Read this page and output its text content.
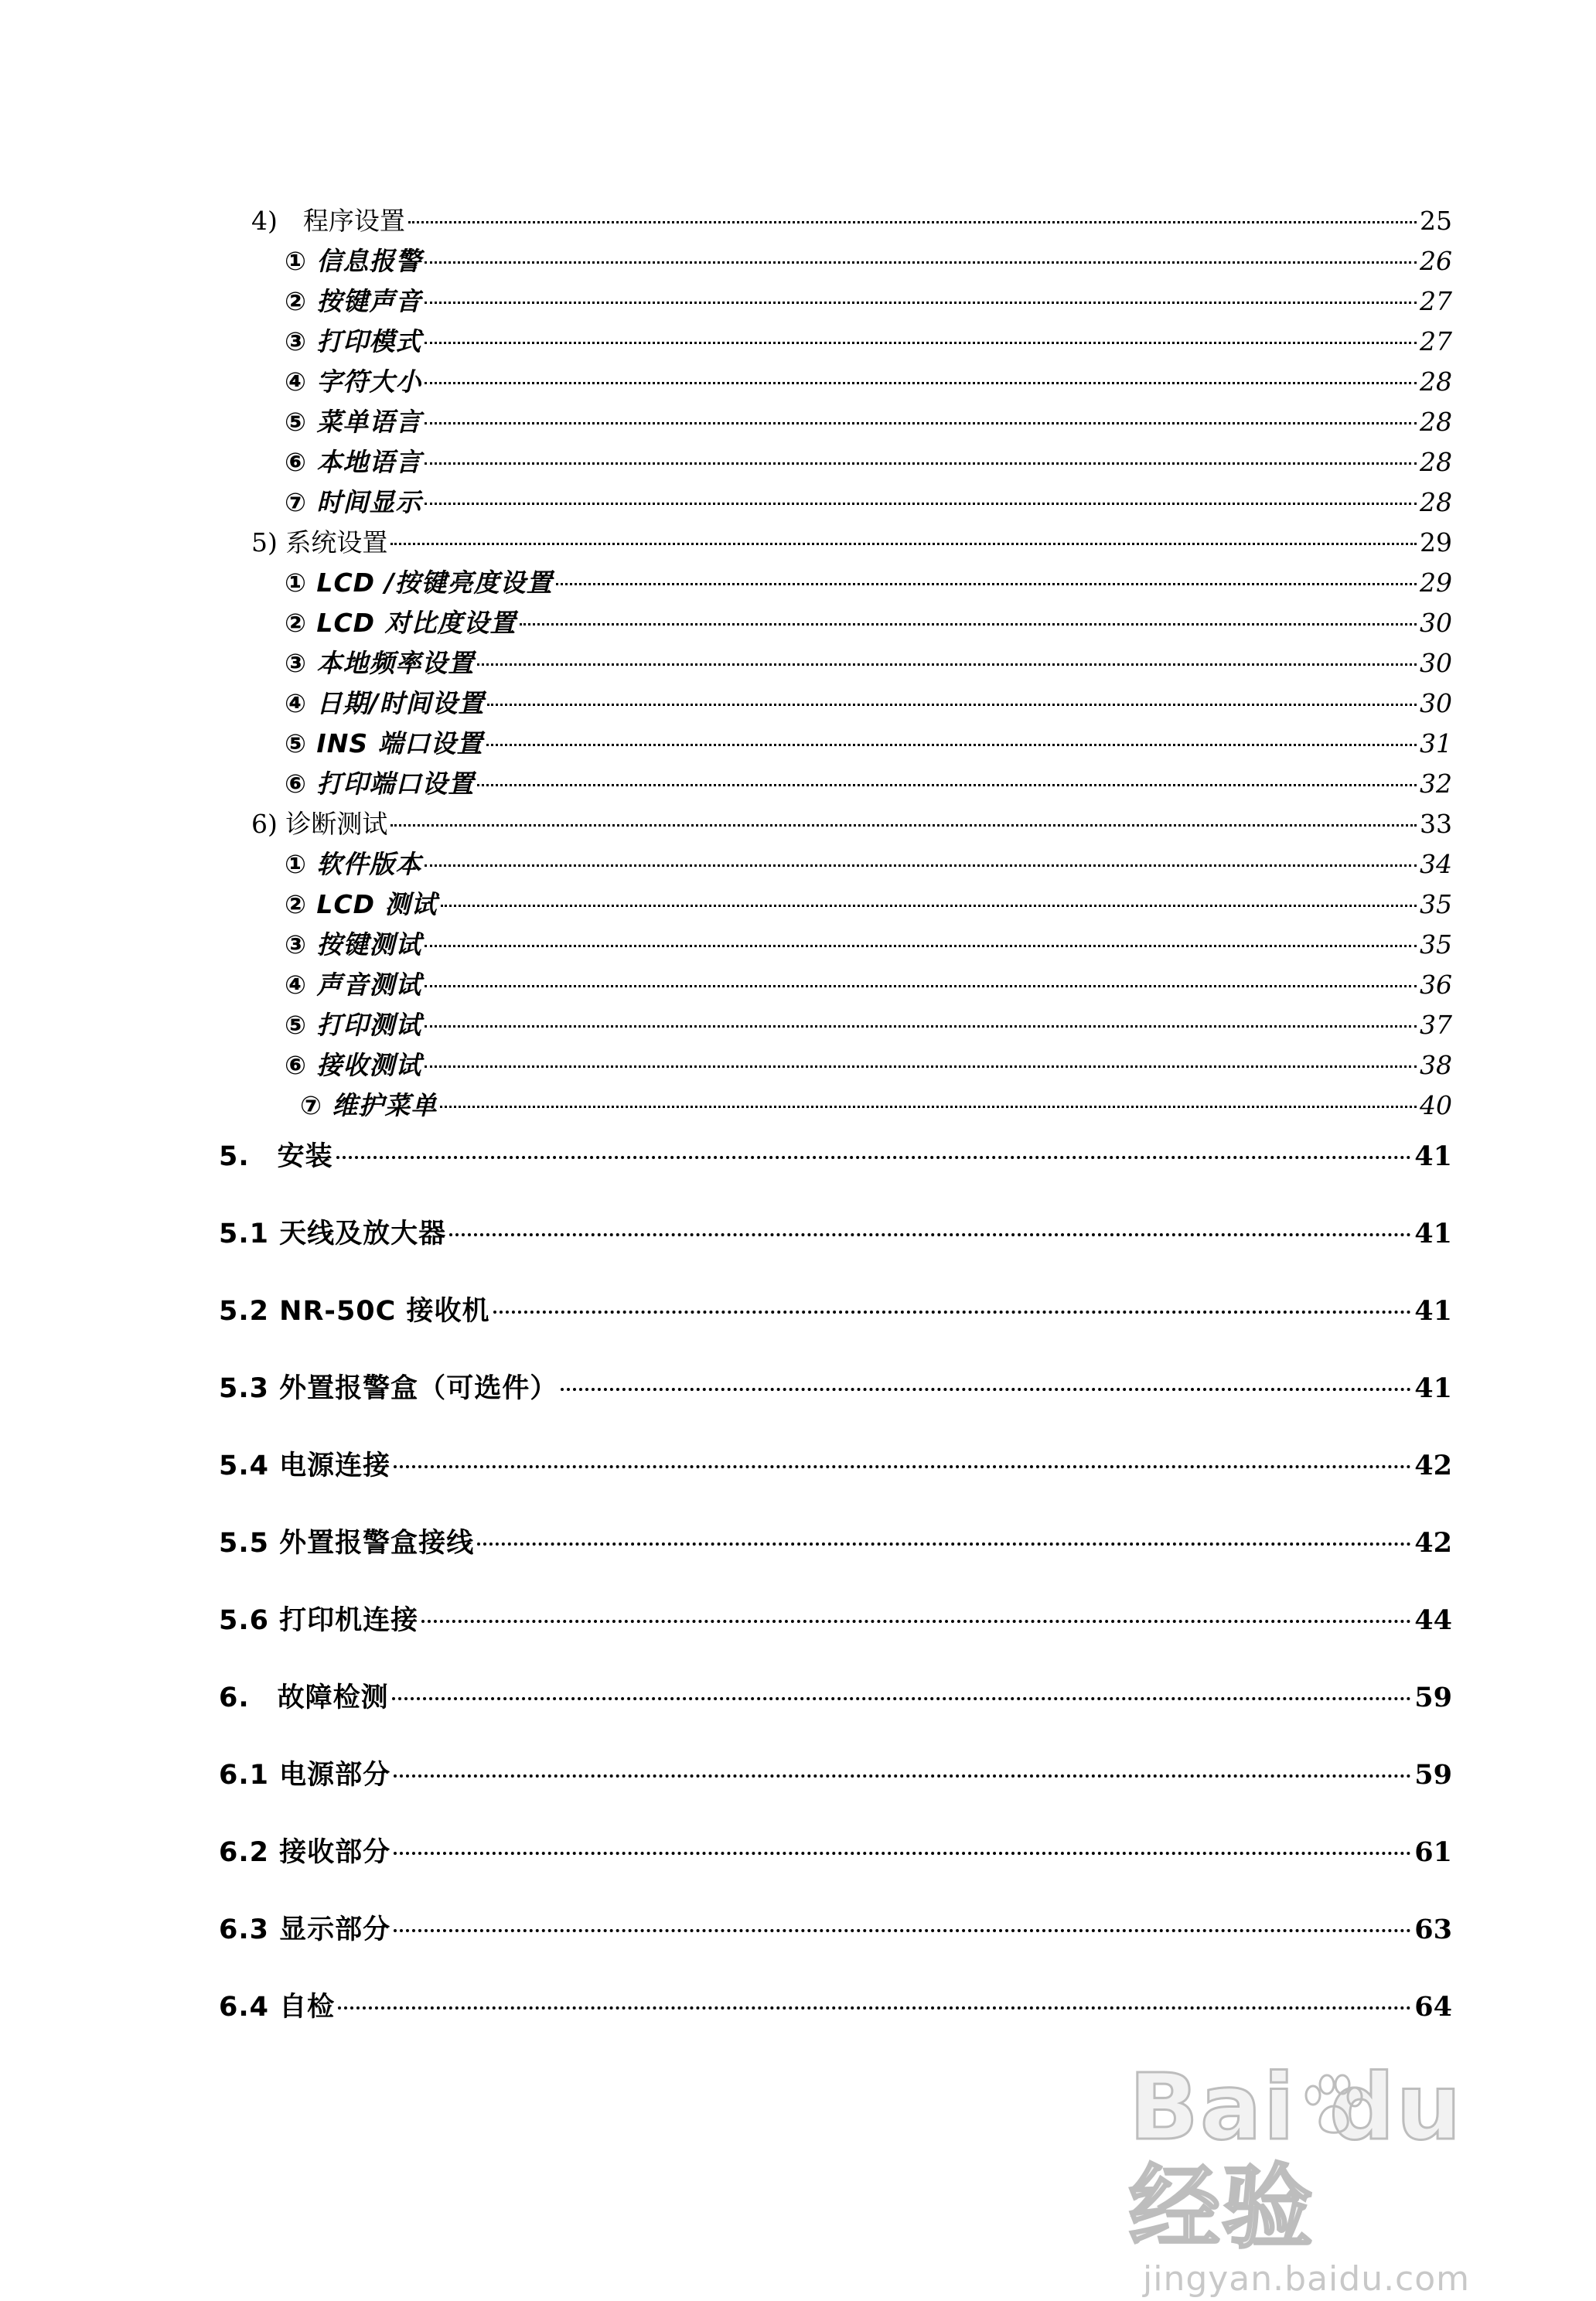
4)　程序设置	25
① 信息报警	26
② 按键声音	27
③ 打印模式	27
④ 字符大小	28
⑤ 菜单语言	28
⑥ 本地语言	28
⑦ 时间显示	28
5) 系统设置	29
① LCD /按键亮度设置	29
② LCD 对比度设置	30
③ 本地频率设置	30
④ 日期/时间设置	30
⑤ INS 端口设置	31
⑥ 打印端口设置	32
6) 诊断测试	33
① 软件版本	34
② LCD 测试	35
③ 按键测试	35
④ 声音测试	36
⑤ 打印测试	37
⑥ 接收测试	38
⑦ 维护菜单	40
5.　安装	41
5.1 天线及放大器	41
5.2 NR-50C 接收机	41
5.3 外置报警盒（可选件）	41
5.4 电源连接	42
5.5 外置报警盒接线	42
5.6 打印机连接	44
6.　故障检测	59
6.1 电源部分	59
6.2 接收部分	61
6.3 显示部分	63
6.4 自检	64
Bai du 经验
jingyan.baidu.com
